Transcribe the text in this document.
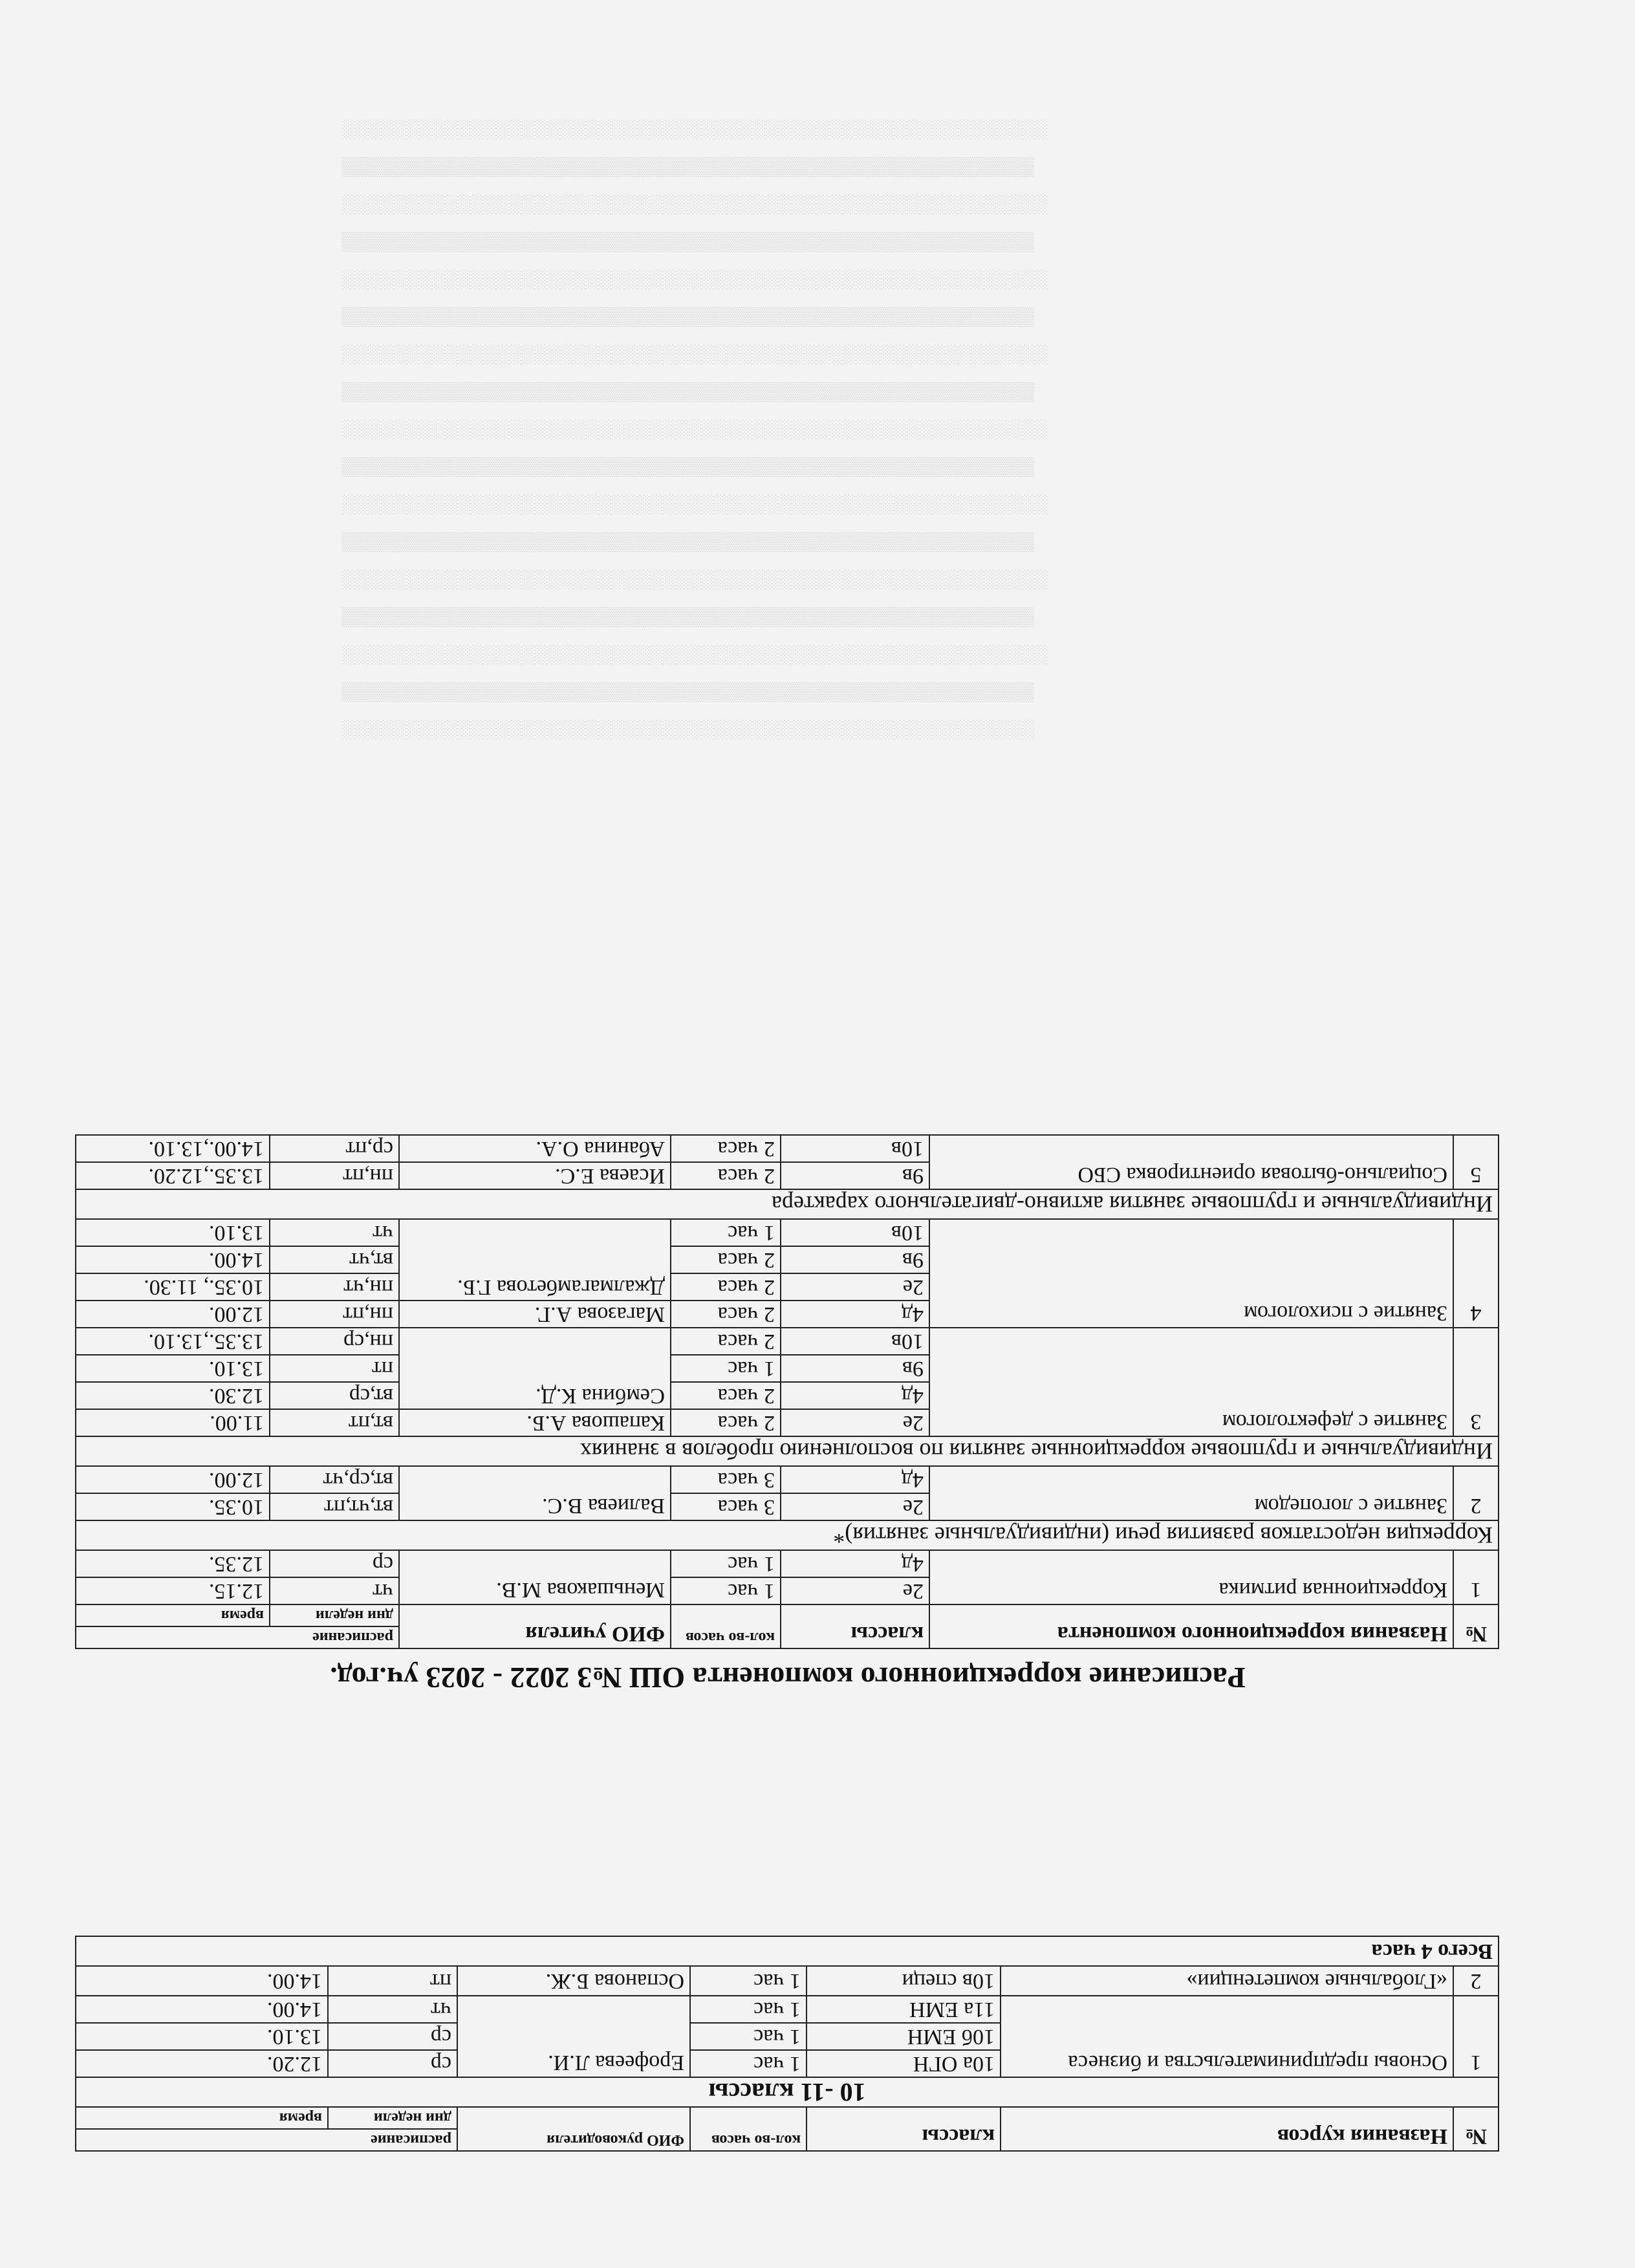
░░░░░░░░░░░░░░░░░░░░░░░░░░░░░░░░░░░░░░░░░░░░░░░░░░░░░░
▒▒▒▒▒▒▒▒▒▒▒▒▒▒▒▒▒▒▒▒▒▒▒▒▒▒▒▒▒▒▒▒▒▒▒▒▒▒▒▒▒▒▒▒▒▒▒▒▒▒▒▒▒▒
░░░░░░░░░░░░░░░░░░░░░░░░░░░░░░░░░░░░░░░░░░░░░░░░░░░░░░░
▒▒▒▒▒▒▒▒▒▒▒▒▒▒▒▒▒▒▒▒▒▒▒▒▒▒▒▒▒▒▒▒▒▒▒▒▒▒▒▒▒▒▒▒▒▒▒▒▒▒▒▒▒▒
░░░░░░░░░░░░░░░░░░░░░░░░░░░░░░░░░░░░░░░░░░░░░░░░░░░░░░░
▒▒▒▒▒▒▒▒▒▒▒▒▒▒▒▒▒▒▒▒▒▒▒▒▒▒▒▒▒▒▒▒▒▒▒▒▒▒▒▒▒▒▒▒▒▒▒▒▒▒▒▒▒▒
░░░░░░░░░░░░░░░░░░░░░░░░░░░░░░░░░░░░░░░░░░░░░░░░░░░░░░░
▒▒▒▒▒▒▒▒▒▒▒▒▒▒▒▒▒▒▒▒▒▒▒▒▒▒▒▒▒▒▒▒▒▒▒▒▒▒▒▒▒▒▒▒▒▒▒▒▒▒▒▒▒▒
░░░░░░░░░░░░░░░░░░░░░░░░░░░░░░░░░░░░░░░░░░░░░░░░░░░░░░░
▒▒▒▒▒▒▒▒▒▒▒▒▒▒▒▒▒▒▒▒▒▒▒▒▒▒▒▒▒▒▒▒▒▒▒▒▒▒▒▒▒▒▒▒▒▒▒▒▒▒▒▒▒▒
░░░░░░░░░░░░░░░░░░░░░░░░░░░░░░░░░░░░░░░░░░░░░░░░░░░░░░░
▒▒▒▒▒▒▒▒▒▒▒▒▒▒▒▒▒▒▒▒▒▒▒▒▒▒▒▒▒▒▒▒▒▒▒▒▒▒▒▒▒▒▒▒▒▒▒▒▒▒▒▒▒▒
░░░░░░░░░░░░░░░░░░░░░░░░░░░░░░░░░░░░░░░░░░░░░░░░░░░░░░░
▒▒▒▒▒▒▒▒▒▒▒▒▒▒▒▒▒▒▒▒▒▒▒▒▒▒▒▒▒▒▒▒▒▒▒▒▒▒▒▒▒▒▒▒▒▒▒▒▒▒▒▒▒▒
░░░░░░░░░░░░░░░░░░░░░░░░░░░░░░░░░░░░░░░░░░░░░░░░░░░░░░░
▒▒▒▒▒▒▒▒▒▒▒▒▒▒▒▒▒▒▒▒▒▒▒▒▒▒▒▒▒▒▒▒▒▒▒▒▒▒▒▒▒▒▒▒▒▒▒▒▒▒▒▒▒▒
░░░░░░░░░░░░░░░░░░░░░░░░░░░░░░░░░░░░░░░░░░░░░░░░░░░░░░░
№	Названия курсов	классы	кол-во часов	ФИО руководителя	расписание	
					дни недели	время
10 -11 классы						
1	Основы предпринимательства и бизнеса	10а ОГН	1 час	Ерофеева Л.И.	ср	12.20.
		10б ЕМН	1 час		ср	13.10.
		11а ЕМН	1 час		чт	14.00.
2	«Глобальные компетенции»	10в специ	1 час	Оспанова Б.Ж.	пт	14.00.
Всего 4 часа						
Расписание коррекционного компонента ОШ №3 2022 - 2023 уч.год.
№	Названия коррекционного компонента	классы	кол-во часов	ФИО учителя	расписание	
					дни недели	время
1	Коррекционная ритмика	2е	1 час	Меньшакова М.В.	чт	12.15.
		4д	1 час		ср	12.35.
Коррекция недостатков развития речи (индивидуальные занятия)*						
2	Занятие с логопедом	2е	3 часа	Валиева В.С.	вт,чт,пт	10.35.
		4д	3 часа		вт,ср,чт	12.00.
Индивидуальные и групповые коррекционные занятия по восполнению пробелов в знаниях						
3	Занятие с дефектологом	2е	2 часа	Капашова А.Б.	вт,пт	11.00.
		4д	2 часа	Сембина К.Д.	вт,ср	12.30.
		9в	1 час		пт	13.10.
		10в	2 часа		пн,ср	13.35.,13.10.
4	Занятие с психологом	4д	2 часа	Магазова А.Г.	пн,пт	12.00.
		2е	2 часа	Джалмагамбетова Г.Б.	пн,чт	10.35., 11.30.
		9в	2 часа		вт,чт	14.00.
		10в	1 час		чт	13.10.
Индивидуальные и групповые занятия активно-двигательного характера						
5	Социально-бытовая ориентировка СБО	9в	2 часа	Исаева Е.С.	пн,пт	13.35.,12.20.
		10в	2 часа	Абанина О.А.	ср,пт	14.00.,13.10.
